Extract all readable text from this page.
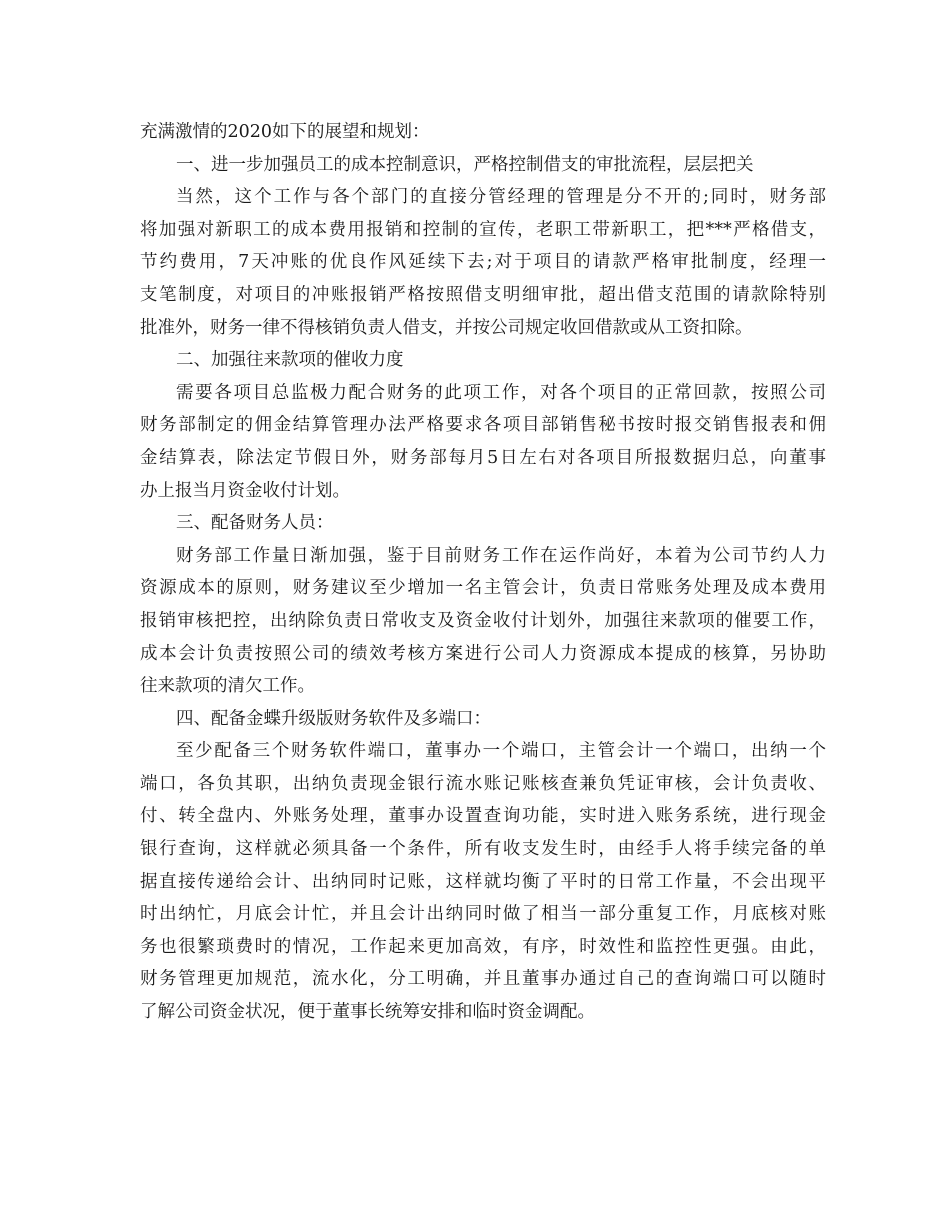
充满激情的2020如下的展望和规划：
一、进一步加强员工的成本控制意识，严格控制借支的审批流程，层层把关
当然，这个工作与各个部门的直接分管经理的管理是分不开的;同时，财务部
将加强对新职工的成本费用报销和控制的宣传，老职工带新职工，把***严格借支，
节约费用，7天冲账的优良作风延续下去;对于项目的请款严格审批制度，经理一
支笔制度，对项目的冲账报销严格按照借支明细审批，超出借支范围的请款除特别
批准外，财务一律不得核销负责人借支，并按公司规定收回借款或从工资扣除。
二、加强往来款项的催收力度
需要各项目总监极力配合财务的此项工作，对各个项目的正常回款，按照公司
财务部制定的佣金结算管理办法严格要求各项目部销售秘书按时报交销售报表和佣
金结算表，除法定节假日外，财务部每月5日左右对各项目所报数据归总，向董事
办上报当月资金收付计划。
三、配备财务人员：
财务部工作量日渐加强，鉴于目前财务工作在运作尚好，本着为公司节约人力
资源成本的原则，财务建议至少增加一名主管会计，负责日常账务处理及成本费用
报销审核把控，出纳除负责日常收支及资金收付计划外，加强往来款项的催要工作，
成本会计负责按照公司的绩效考核方案进行公司人力资源成本提成的核算，另协助
往来款项的清欠工作。
四、配备金蝶升级版财务软件及多端口：
至少配备三个财务软件端口，董事办一个端口，主管会计一个端口，出纳一个
端口，各负其职，出纳负责现金银行流水账记账核查兼负凭证审核，会计负责收、
付、转全盘内、外账务处理，董事办设置查询功能，实时进入账务系统，进行现金
银行查询，这样就必须具备一个条件，所有收支发生时，由经手人将手续完备的单
据直接传递给会计、出纳同时记账，这样就均衡了平时的日常工作量，不会出现平
时出纳忙，月底会计忙，并且会计出纳同时做了相当一部分重复工作，月底核对账
务也很繁琐费时的情况，工作起来更加高效，有序，时效性和监控性更强。由此，
财务管理更加规范，流水化，分工明确，并且董事办通过自己的查询端口可以随时
了解公司资金状况，便于董事长统筹安排和临时资金调配。
